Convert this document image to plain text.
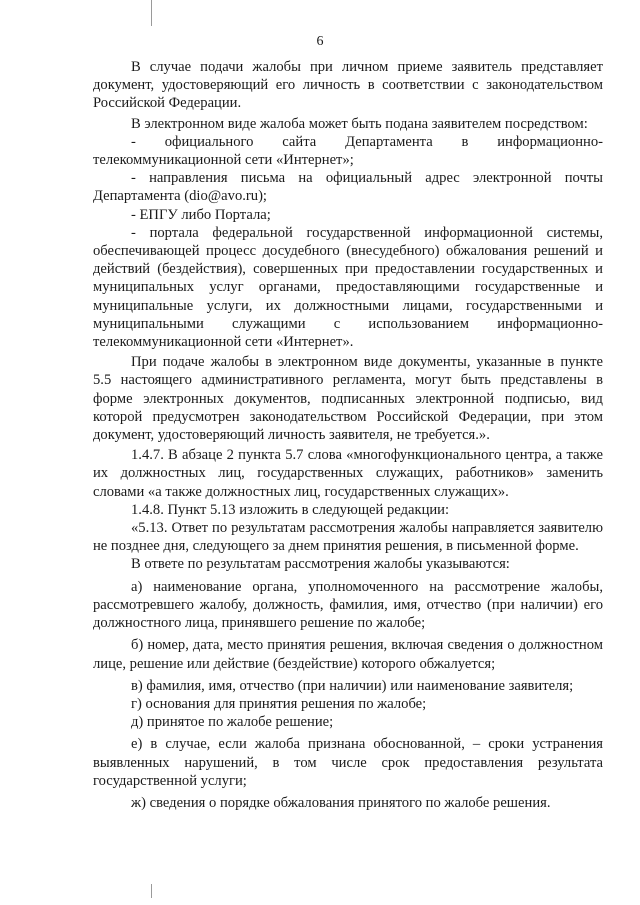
6

В случае подачи жалобы при личном приеме заявитель представляет документ, удостоверяющий его личность в соответствии с законодательством Российской Федерации.

В электронном виде жалоба может быть подана заявителем посредством:

- официального сайта Департамента в информационно-телекоммуникационной сети «Интернет»;

- направления письма на официальный адрес электронной почты Департамента (dio@avo.ru);

- ЕПГУ либо Портала;

- портала федеральной государственной информационной системы, обеспечивающей процесс досудебного (внесудебного) обжалования решений и действий (бездействия), совершенных при предоставлении государственных и муниципальных услуг органами, предоставляющими государственные и муниципальные услуги, их должностными лицами, государственными и муниципальными служащими с использованием информационно-телекоммуникационной сети «Интернет».

При подаче жалобы в электронном виде документы, указанные в пункте 5.5 настоящего административного регламента, могут быть представлены в форме электронных документов, подписанных электронной подписью, вид которой предусмотрен законодательством Российской Федерации, при этом документ, удостоверяющий личность заявителя, не требуется.».

1.4.7. В абзаце 2 пункта 5.7 слова «многофункционального центра, а также их должностных лиц, государственных служащих, работников» заменить словами «а также должностных лиц, государственных служащих».

1.4.8. Пункт 5.13 изложить в следующей редакции:

«5.13. Ответ по результатам рассмотрения жалобы направляется заявителю не позднее дня, следующего за днем принятия решения, в письменной форме.

В ответе по результатам рассмотрения жалобы указываются:

а) наименование органа, уполномоченного на рассмотрение жалобы, рассмотревшего жалобу, должность, фамилия, имя, отчество (при наличии) его должностного лица, принявшего решение по жалобе;

б) номер, дата, место принятия решения, включая сведения о должностном лице, решение или действие (бездействие) которого обжалуется;

в) фамилия, имя, отчество (при наличии) или наименование заявителя;

г) основания для принятия решения по жалобе;

д) принятое по жалобе решение;

е) в случае, если жалоба признана обоснованной, – сроки устранения выявленных нарушений, в том числе срок предоставления результата государственной услуги;

ж) сведения о порядке обжалования принятого по жалобе решения.
